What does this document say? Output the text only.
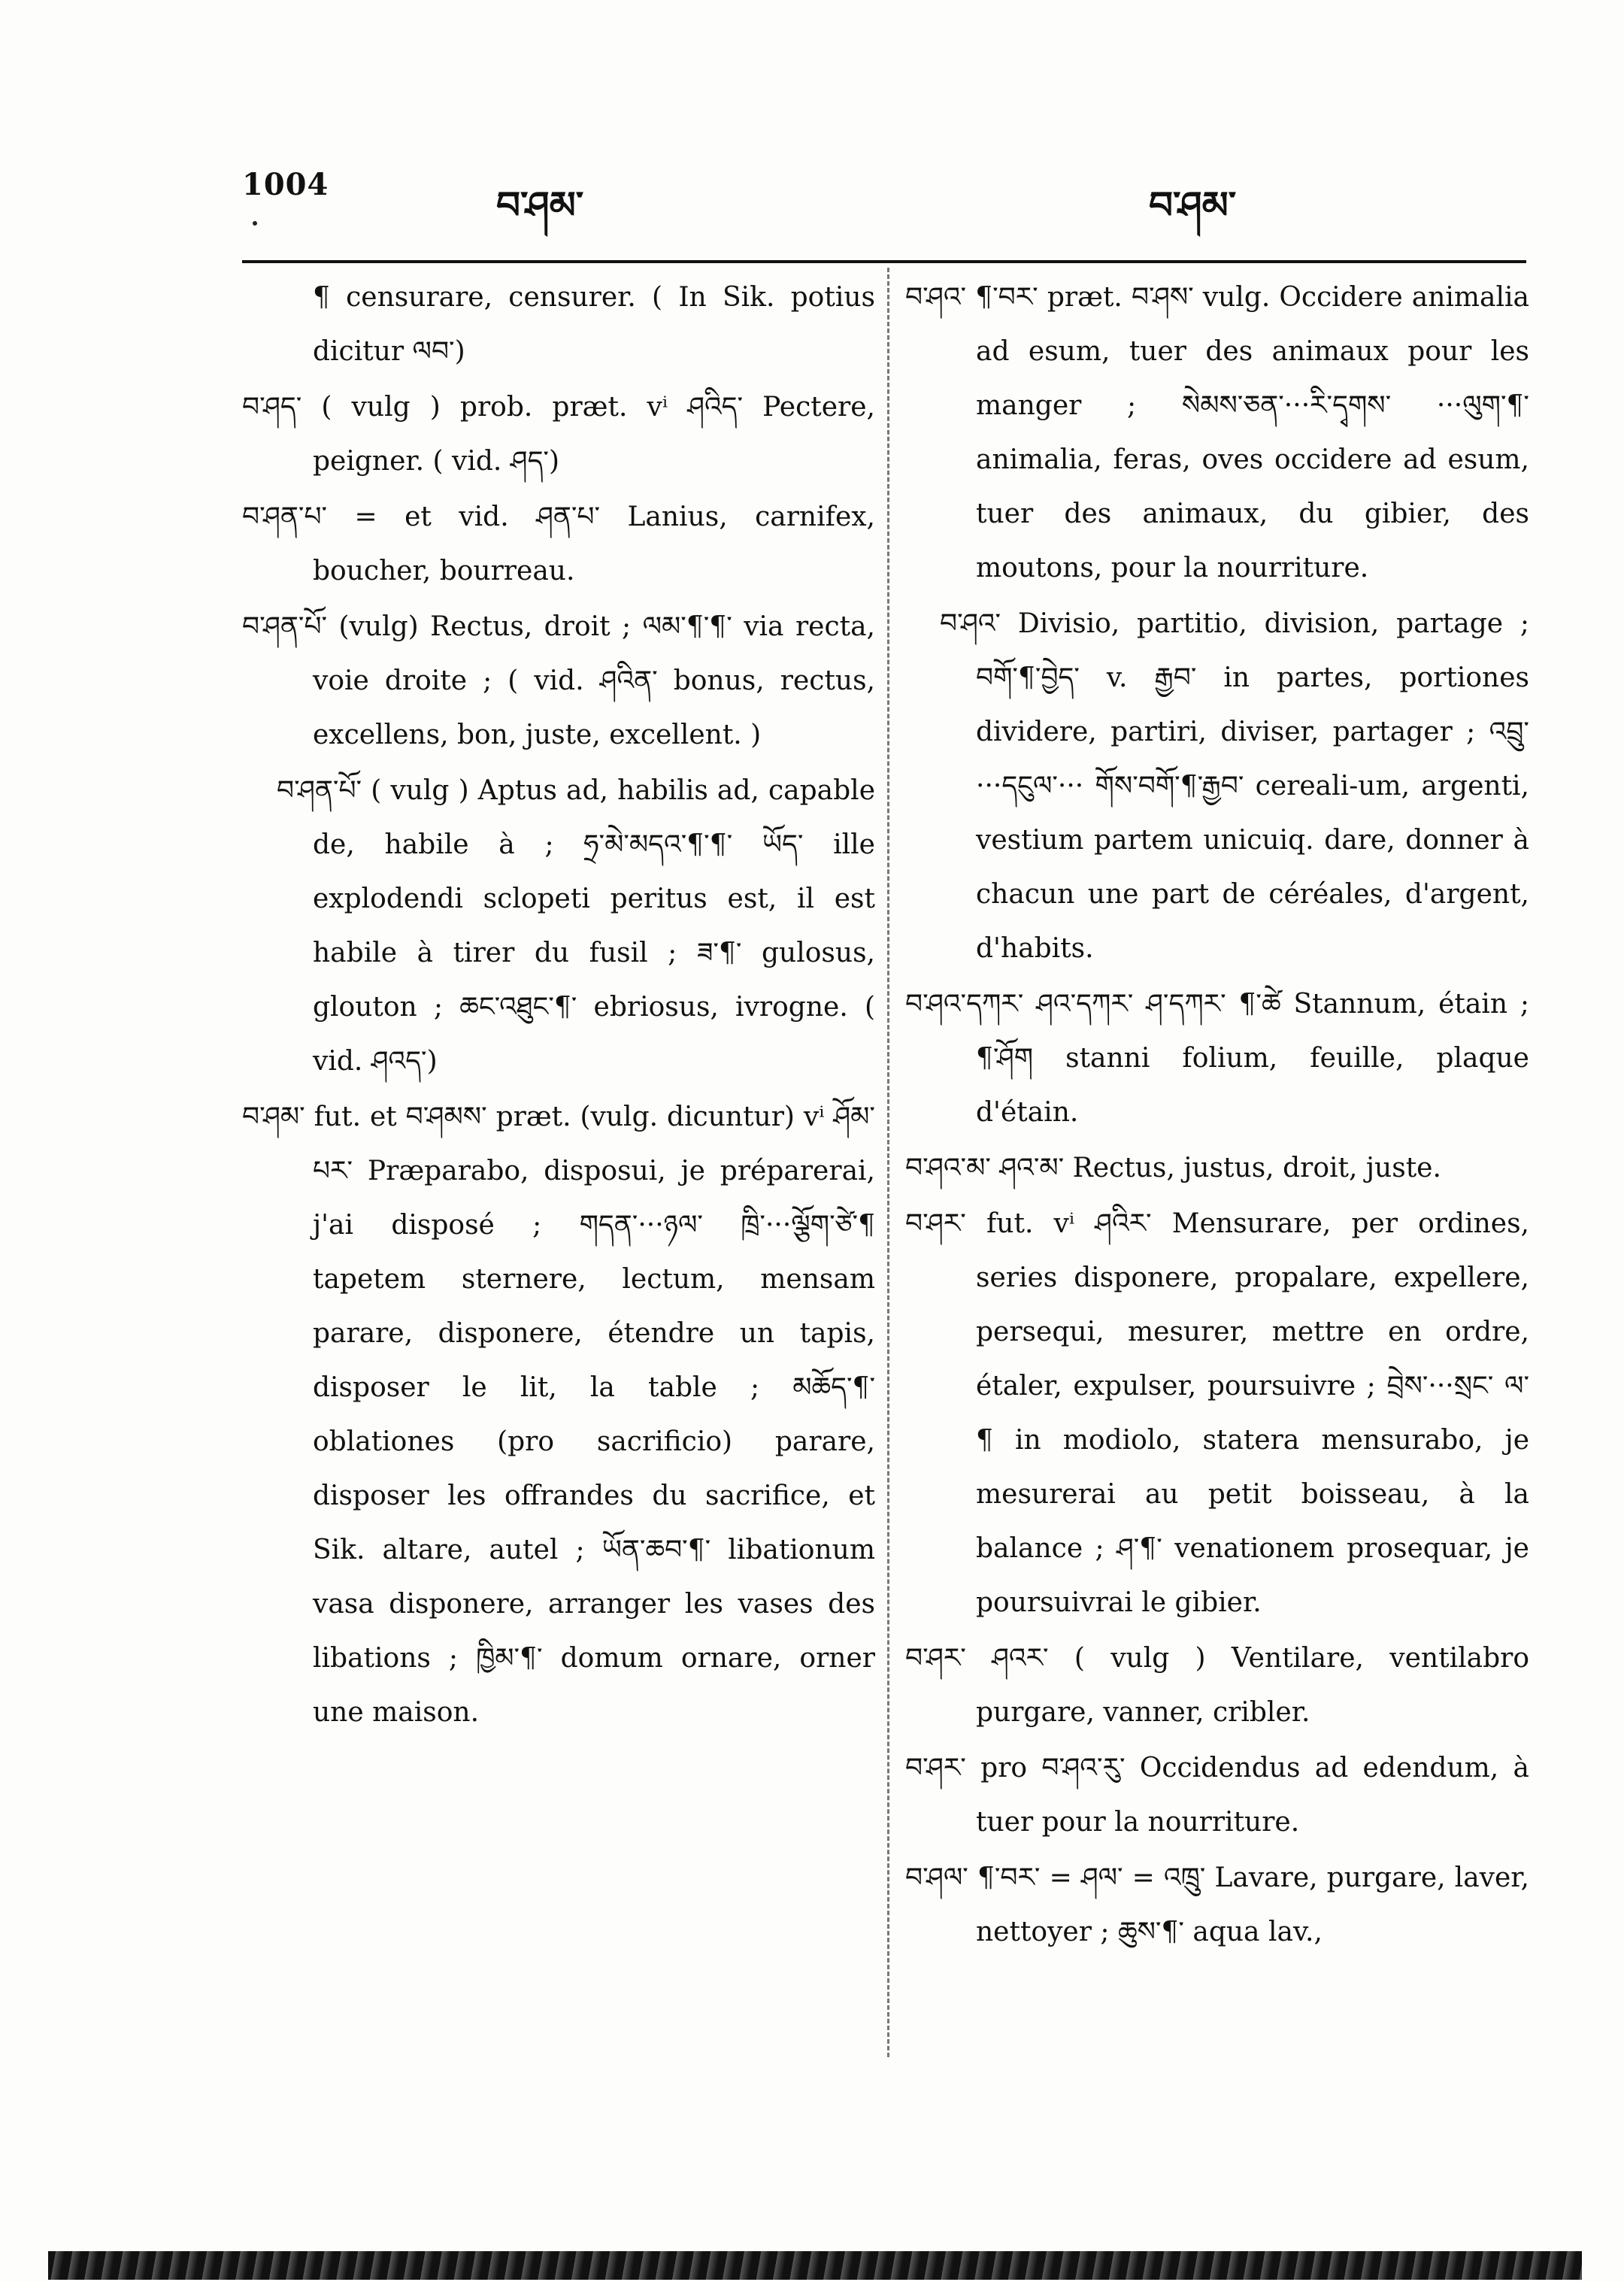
1004	བ་ཤམ་	བ་ཤམ་

¶ censurare, censurer. ( In Sik. potius dicitur ལབ་)

བ་ཤད་ ( vulg ) prob. præt. vⁱ ཤའིད་ Pectere, peigner. ( vid. ཤད་)

བ་ཤན་པ་ = et vid. ཤན་པ་ Lanius, carnifex, boucher, bourreau.

བ་ཤན་པོ་ (vulg) Rectus, droit ; ལམ་¶་¶་ via recta, voie droite ; ( vid. ཤའིན་ bonus, rectus, excellens, bon, juste, excellent. )

བ་ཤན་པོ་ ( vulg ) Aptus ad, habilis ad, capable de, habile à ; ཧྲ་མེ་མདའ་¶་¶་ ཡོད་ ille explodendi sclopeti peritus est, il est habile à tirer du fusil ; ཟ་¶་ gulosus, glouton ; ཆང་འཐུང་¶་ ebriosus, ivrogne. ( vid. ཤའད་)

བ་ཤམ་ fut. et བ་ཤམས་ præt. (vulg. dicuntur) vⁱ ཤོམ་པར་ Præparabo, disposui, je préparerai, j'ai disposé ; གདན་···ཉལ་ ཁྲི་···ལྕོག་ཙེ་¶ tapetem sternere, lectum, mensam parare, disponere, étendre un tapis, disposer le lit, la table ; མཆོད་¶་ oblationes (pro sacrificio) parare, disposer les offrandes du sacrifice, et Sik. altare, autel ; ཡོན་ཆབ་¶་ libationum vasa disponere, arranger les vases des libations ; ཁྱིམ་¶་ domum ornare, orner une maison.

བ་ཤའ་ ¶་བར་ præt. བ་ཤས་ vulg. Occidere animalia ad esum, tuer des animaux pour les manger ; སེམས་ཅན་···རི་དྭགས་ ···ལུག་¶་ animalia, feras, oves occidere ad esum, tuer des animaux, du gibier, des moutons, pour la nourriture.

བ་ཤའ་ Divisio, partitio, division, partage ; བགོ་¶་བྱེད་ v. རྒྱབ་ in partes, portiones dividere, partiri, diviser, partager ; འབྲུ་···དངུལ་··· གོས་བགོ་¶་རྒྱབ་ cereali-um, argenti, vestium partem unicuiq. dare, donner à chacun une part de céréales, d'argent, d'habits.

བ་ཤའ་དཀར་ ཤའ་དཀར་ ཤ་དཀར་ ¶་ཚེ Stannum, étain ; ¶་ཤོག stanni folium, feuille, plaque d'étain.

བ་ཤའ་མ་ ཤའ་མ་ Rectus, justus, droit, juste.

བ་ཤར་ fut. vⁱ ཤའིར་ Mensurare, per ordines, series disponere, propalare, expellere, persequi, mesurer, mettre en ordre, étaler, expulser, poursuivre ; བྲེས་···སྲང་ ལ་¶ in modiolo, statera mensurabo, je mesurerai au petit boisseau, à la balance ; ཤ་¶་ venationem prosequar, je poursuivrai le gibier.

བ་ཤར་ ཤའར་ ( vulg ) Ventilare, ventilabro purgare, vanner, cribler.

བ་ཤར་ pro བ་ཤའ་རུ་ Occidendus ad edendum, à tuer pour la nourriture.

བ་ཤལ་ ¶་བར་ = ཤལ་ = འཁྲུ་ Lavare, purgare, laver, nettoyer ; ཆུས་¶་ aqua lav.,
